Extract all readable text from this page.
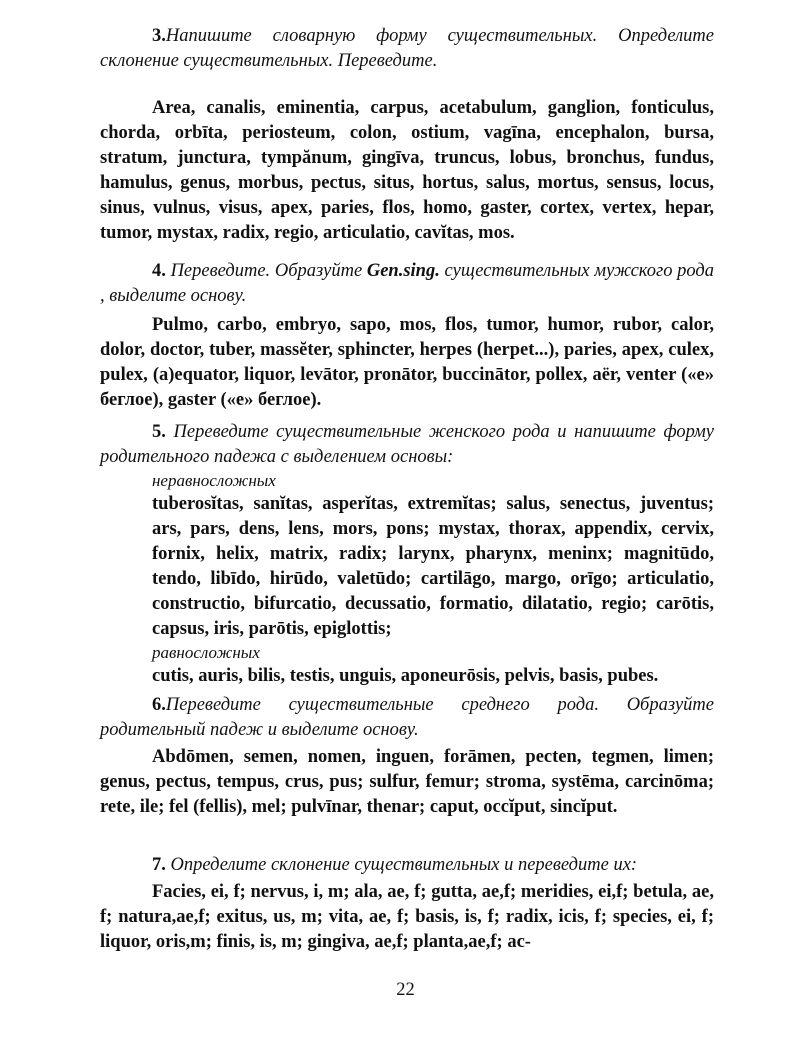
3.Напишите словарную форму существительных. Определите склонение существительных. Переведите.

Area, canalis, eminentia, carpus, acetabulum, ganglion, fonticulus, chorda, orbīta, periosteum, colon, ostium, vagīna, encephalon, bursa, stratum, junctura, tympănum, gingīva, truncus, lobus, bronchus, fundus, hamulus, genus, morbus, pectus, situs, hortus, salus, mortus, sensus, locus, sinus, vulnus, visus, apex, paries, flos, homo, gaster, cortex, vertex, hepar, tumor, mystax, radix, regio, articulatio, cavĭtas, mos.

4. Переведите. Образуйте Gen.sing. существительных мужского рода , выделите основу.

Pulmo, carbo, embryo, sapo, mos, flos, tumor, humor, rubor, calor, dolor, doctor, tuber, massĕter, sphincter, herpes (herpet...), paries, apex, culex, pulex, (a)equator, liquor, levātor, pronātor, buccinātor, pollex, aёr, venter («е» беглое), gaster («е» беглое).

5. Переведите существительные женского рода и напишите форму родительного падежа с выделением основы:
неравносложных

tuberosĭtas, sanĭtas, asperĭtas, extremĭtas; salus, senectus, juventus; ars, pars, dens, lens, mors, pons; mystax, thorax, appendix, cervix, fornix, helix, matrix, radix; larynx, pharynx, meninx; magnitūdo, tendo, libīdo, hirūdo, valetūdo; cartilāgo, margo, orīgo; articulatio, constructio, bifurcatio, decussatio, formatio, dilatatio, regio; carōtis, capsus, iris, parōtis, epiglottis;

равносложных

cutis, auris, bilis, testis, unguis, aponeurōsis, pelvis, basis, pubes.

6.Переведите существительные среднего рода. Образуйте родительный падеж и выделите основу.

Abdōmen, semen, nomen, inguen, forāmen, pecten, tegmen, limen; genus, pectus, tempus, crus, pus; sulfur, femur; stroma, systēma, carcinōma; rete, ile; fel (fellis), mel; pulvīnar, thenar; caput, occĭput, sincĭput.

7. Определите склонение существительных и переведите их:

Facies, ei, f; nervus, i, m; ala, ae, f; gutta, ae,f; meridies, ei,f; betula, ae, f; natura,ae,f; exitus, us, m; vita, ae, f; basis, is, f; radix, icis, f; species, ei, f; liquor, oris,m; finis, is, m; gingiva, ae,f; planta,ae,f; ac-

22
